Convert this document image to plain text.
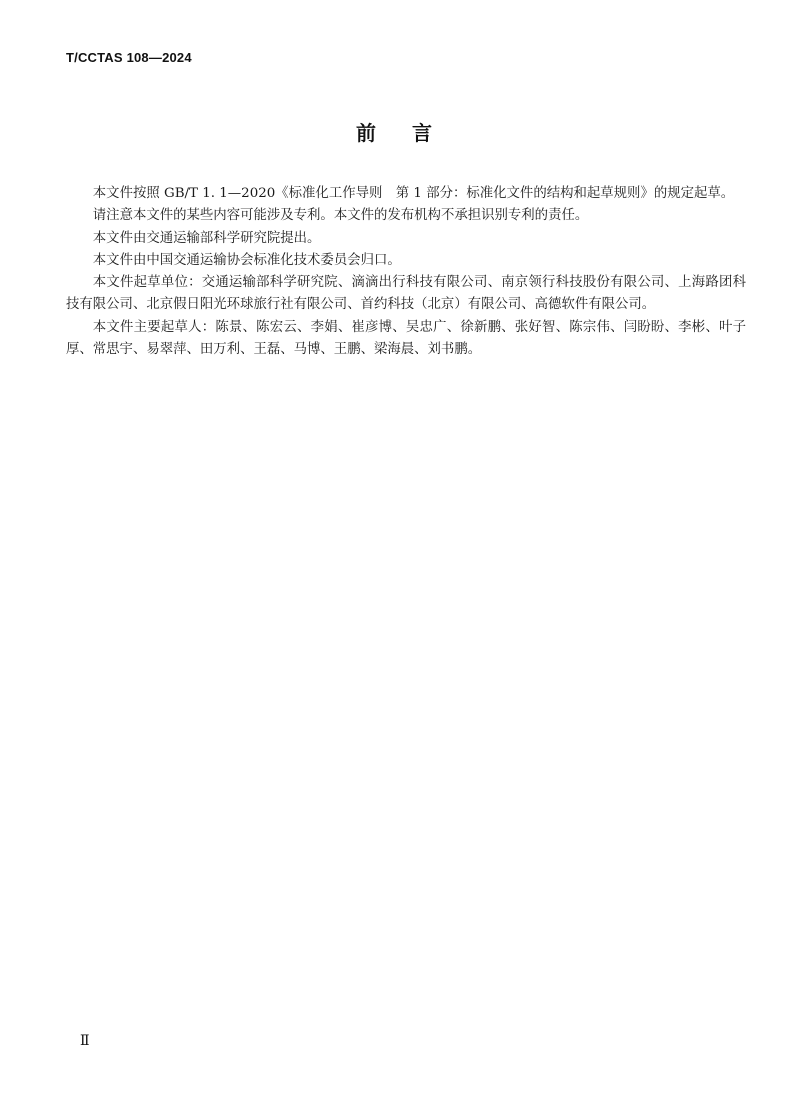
T/CCTAS 108—2024
前 言

本文件按照 GB/T 1. 1—2020《标准化工作导则　第 1 部分：标准化文件的结构和起草规则》的规定起草。

请注意本文件的某些内容可能涉及专利。本文件的发布机构不承担识别专利的责任。

本文件由交通运输部科学研究院提出。

本文件由中国交通运输协会标准化技术委员会归口。

本文件起草单位：交通运输部科学研究院、滴滴出行科技有限公司、南京领行科技股份有限公司、上海路团科技有限公司、北京假日阳光环球旅行社有限公司、首约科技（北京）有限公司、高德软件有限公司。

本文件主要起草人：陈景、陈宏云、李娟、崔彦博、吴忠广、徐新鹏、张好智、陈宗伟、闫盼盼、李彬、叶子厚、常思宇、易翠萍、田万利、王磊、马博、王鹏、梁海晨、刘书鹏。

Ⅱ
